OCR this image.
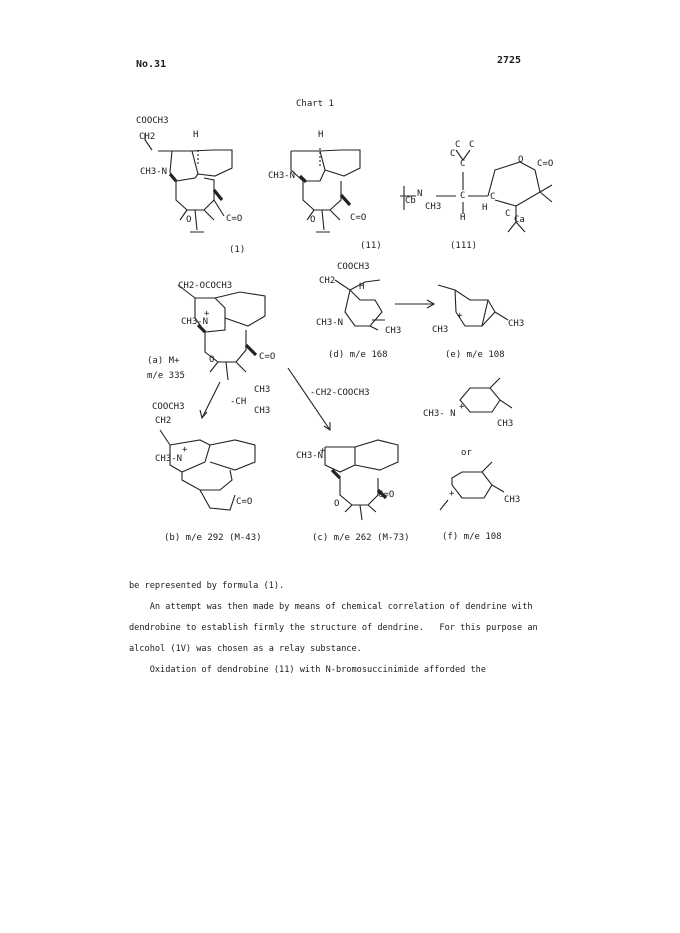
No.31	2725
Chart 1
COOCH3
CH2	H
CH3-N
O	C=O
(1)
H
CH3-N
O	C=O
(11)
C C
C
C	O C=O
N
CH3
C
H
C
H
C
Ca
Cb
(111)
CH2-OCOCH3
CH3-N
+
O	C=O
(a) M+
m/e 335
CH3
-CH
CH3
-CH2-COOCH3
COOCH3
CH2
H
CH3-N
CH3
(d) m/e 168
CH3
+
CH3
(e) m/e 108
CH3- N
+
CH3
or
+
CH3
(f) m/e 108
COOCH3
CH2
CH3-N
+
C=O
(b) m/e 292 (M-43)
CH3-N
+
O
C=O
(c) m/e 262 (M-73)
be represented by formula (1).
An attempt was then made by means of chemical correlation of dendrine with
dendrobine to establish firmly the structure of dendrine.   For this purpose an
alcohol (1V) was chosen as a relay substance.
Oxidation of dendrobine (11) with N-bromosuccinimide afforded the
